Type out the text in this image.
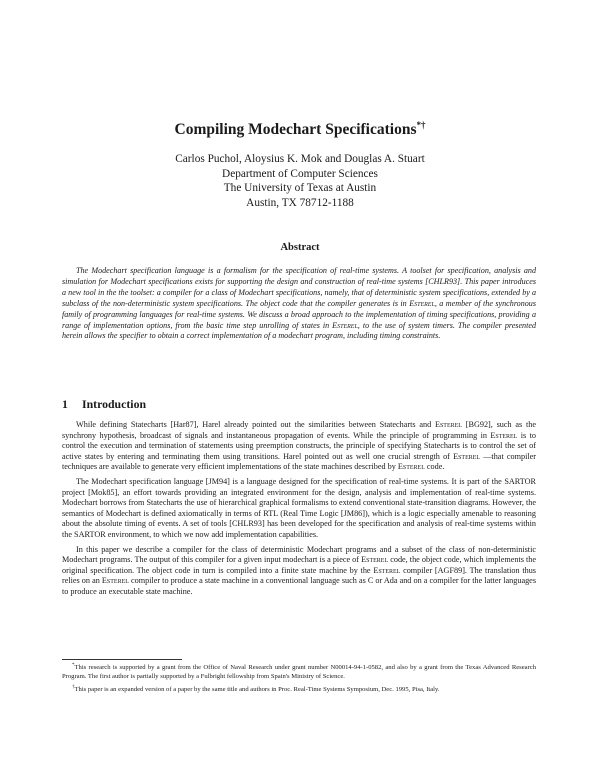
Compiling Modechart Specifications*†
Carlos Puchol, Aloysius K. Mok and Douglas A. Stuart
Department of Computer Sciences
The University of Texas at Austin
Austin, TX 78712-1188
Abstract
The Modechart specification language is a formalism for the specification of real-time systems. A toolset for specification, analysis and simulation for Modechart specifications exists for supporting the design and construction of real-time systems [CHLR93]. This paper introduces a new tool in the the toolset: a compiler for a class of Modechart specifications, namely, that of deterministic system specifications, extended by a subclass of the non-deterministic system specifications. The object code that the compiler generates is in Esterel, a member of the synchronous family of programming languages for real-time systems. We discuss a broad approach to the implementation of timing specifications, providing a range of implementation options, from the basic time step unrolling of states in Esterel, to the use of system timers. The compiler presented herein allows the specifier to obtain a correct implementation of a modechart program, including timing constraints.
1 Introduction

While defining Statecharts [Har87], Harel already pointed out the similarities between Statecharts and Esterel [BG92], such as the synchrony hypothesis, broadcast of signals and instantaneous propagation of events. While the principle of programming in Esterel is to control the execution and termination of statements using preemption constructs, the principle of specifying Statecharts is to control the set of active states by entering and terminating them using transitions. Harel pointed out as well one crucial strength of Esterel —that compiler techniques are available to generate very efficient implementations of the state machines described by Esterel code.

The Modechart specification language [JM94] is a language designed for the specification of real-time systems. It is part of the SARTOR project [Mok85], an effort towards providing an integrated environment for the design, analysis and implementation of real-time systems. Modechart borrows from Statecharts the use of hierarchical graphical formalisms to extend conventional state-transition diagrams. However, the semantics of Modechart is defined axiomatically in terms of RTL (Real Time Logic [JM86]), which is a logic especially amenable to reasoning about the absolute timing of events. A set of tools [CHLR93] has been developed for the specification and analysis of real-time systems within the SARTOR environment, to which we now add implementation capabilities.

In this paper we describe a compiler for the class of deterministic Modechart programs and a subset of the class of non-deterministic Modechart programs. The output of this compiler for a given input modechart is a piece of Esterel code, the object code, which implements the original specification. The object code in turn is compiled into a finite state machine by the Esterel compiler [AGF89]. The translation thus relies on an Esterel compiler to produce a state machine in a conventional language such as C or Ada and on a compiler for the latter languages to produce an executable state machine.

*This research is supported by a grant from the Office of Naval Research under grant number N00014-94-1-0582, and also by a grant from the Texas Advanced Research Program. The first author is partially supported by a Fulbright fellowship from Spain's Ministry of Science.

†This paper is an expanded version of a paper by the same title and authors in Proc. Real-Time Systems Symposium, Dec. 1995, Pisa, Italy.
